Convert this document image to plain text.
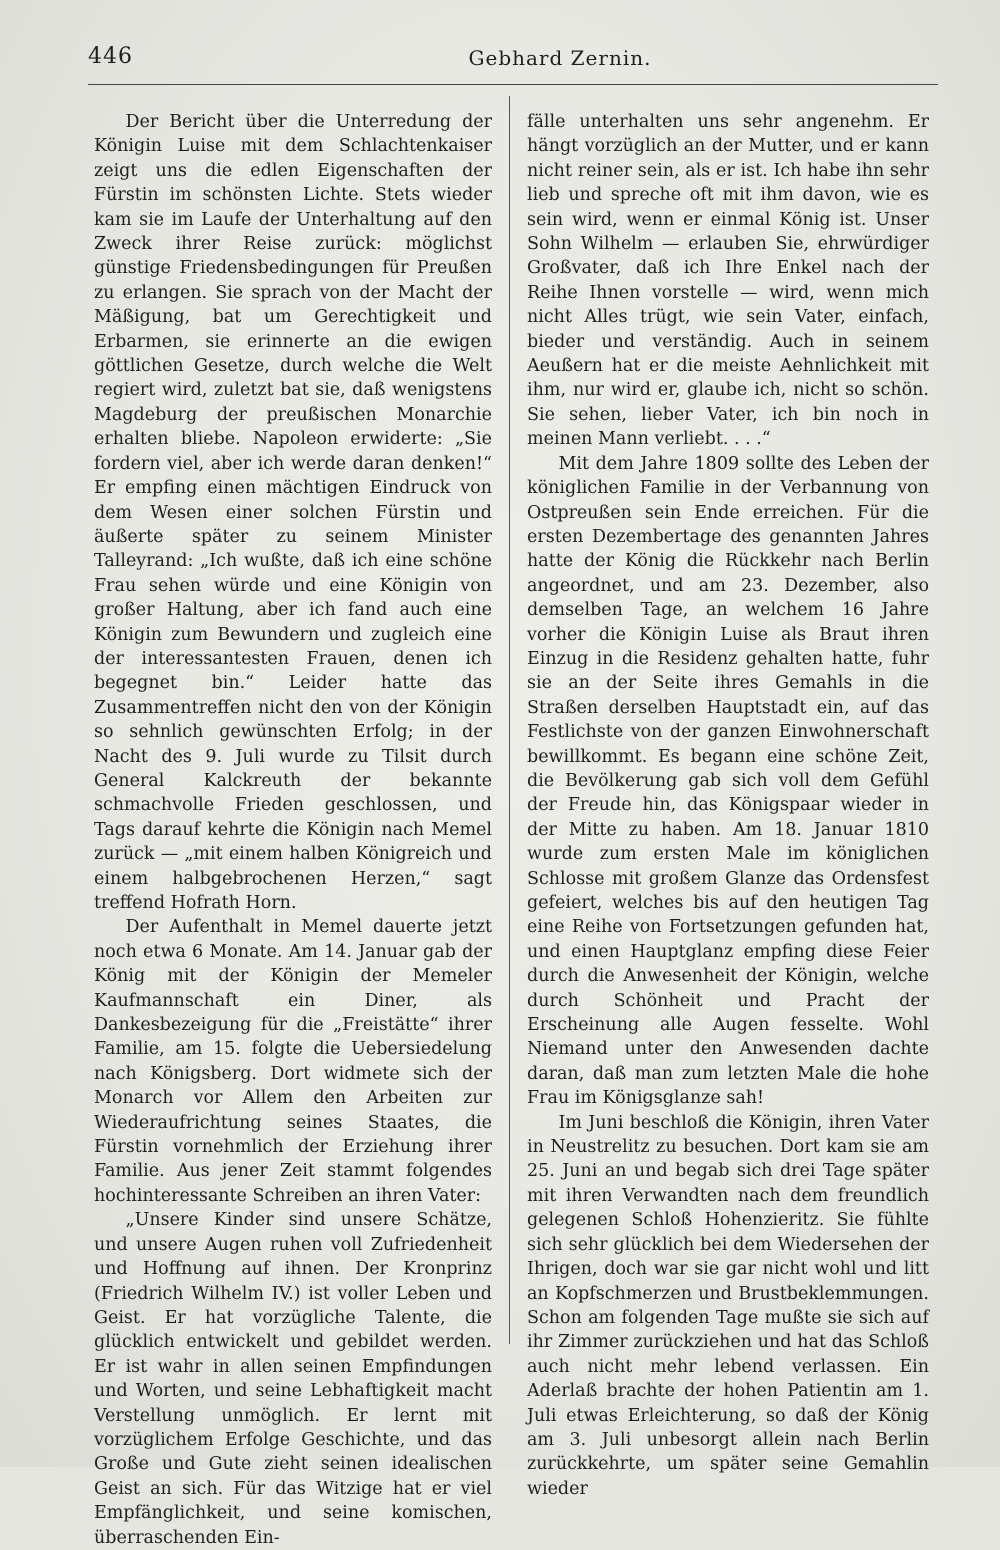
446	Gebhard Zernin.

Der Bericht über die Unterredung der Königin Luise mit dem Schlachtenkaiser zeigt uns die edlen Eigenschaften der Fürstin im schönsten Lichte. Stets wieder kam sie im Laufe der Unterhaltung auf den Zweck ihrer Reise zurück: möglichst günstige Friedensbedingungen für Preußen zu erlangen. Sie sprach von der Macht der Mäßigung, bat um Gerechtigkeit und Erbarmen, sie erinnerte an die ewigen göttlichen Gesetze, durch welche die Welt regiert wird, zuletzt bat sie, daß wenigstens Magdeburg der preußischen Monarchie erhalten bliebe. Napoleon erwiderte: „Sie fordern viel, aber ich werde daran denken!“ Er empfing einen mächtigen Eindruck von dem Wesen einer solchen Fürstin und äußerte später zu seinem Minister Talleyrand: „Ich wußte, daß ich eine schöne Frau sehen würde und eine Königin von großer Haltung, aber ich fand auch eine Königin zum Bewundern und zugleich eine der interessantesten Frauen, denen ich begegnet bin.“ Leider hatte das Zusammentreffen nicht den von der Königin so sehnlich gewünschten Erfolg; in der Nacht des 9. Juli wurde zu Tilsit durch General Kalckreuth der bekannte schmachvolle Frieden geschlossen, und Tags darauf kehrte die Königin nach Memel zurück — „mit einem halben Königreich und einem halbgebrochenen Herzen,“ sagt treffend Hofrath Horn.

Der Aufenthalt in Memel dauerte jetzt noch etwa 6 Monate. Am 14. Januar gab der König mit der Königin der Memeler Kaufmannschaft ein Diner, als Dankesbezeigung für die „Freistätte“ ihrer Familie, am 15. folgte die Uebersiedelung nach Königsberg. Dort widmete sich der Monarch vor Allem den Arbeiten zur Wiederaufrichtung seines Staates, die Fürstin vornehmlich der Erziehung ihrer Familie. Aus jener Zeit stammt folgendes hochinteressante Schreiben an ihren Vater:

„Unsere Kinder sind unsere Schätze, und unsere Augen ruhen voll Zufriedenheit und Hoffnung auf ihnen. Der Kronprinz (Friedrich Wilhelm IV.) ist voller Leben und Geist. Er hat vorzügliche Talente, die glücklich entwickelt und gebildet werden. Er ist wahr in allen seinen Empfindungen und Worten, und seine Lebhaftigkeit macht Verstellung unmöglich. Er lernt mit vorzüglichem Erfolge Geschichte, und das Große und Gute zieht seinen idealischen Geist an sich. Für das Witzige hat er viel Empfänglichkeit, und seine komischen, überraschenden Ein-

fälle unterhalten uns sehr angenehm. Er hängt vorzüglich an der Mutter, und er kann nicht reiner sein, als er ist. Ich habe ihn sehr lieb und spreche oft mit ihm davon, wie es sein wird, wenn er einmal König ist. Unser Sohn Wilhelm — erlauben Sie, ehrwürdiger Großvater, daß ich Ihre Enkel nach der Reihe Ihnen vorstelle — wird, wenn mich nicht Alles trügt, wie sein Vater, einfach, bieder und verständig. Auch in seinem Aeußern hat er die meiste Aehnlichkeit mit ihm, nur wird er, glaube ich, nicht so schön. Sie sehen, lieber Vater, ich bin noch in meinen Mann verliebt. . . .“

Mit dem Jahre 1809 sollte des Leben der königlichen Familie in der Verbannung von Ostpreußen sein Ende erreichen. Für die ersten Dezembertage des genannten Jahres hatte der König die Rückkehr nach Berlin angeordnet, und am 23. Dezember, also demselben Tage, an welchem 16 Jahre vorher die Königin Luise als Braut ihren Einzug in die Residenz gehalten hatte, fuhr sie an der Seite ihres Gemahls in die Straßen derselben Hauptstadt ein, auf das Festlichste von der ganzen Einwohnerschaft bewillkommt. Es begann eine schöne Zeit, die Bevölkerung gab sich voll dem Gefühl der Freude hin, das Königspaar wieder in der Mitte zu haben. Am 18. Januar 1810 wurde zum ersten Male im königlichen Schlosse mit großem Glanze das Ordensfest gefeiert, welches bis auf den heutigen Tag eine Reihe von Fortsetzungen gefunden hat, und einen Hauptglanz empfing diese Feier durch die Anwesenheit der Königin, welche durch Schönheit und Pracht der Erscheinung alle Augen fesselte. Wohl Niemand unter den Anwesenden dachte daran, daß man zum letzten Male die hohe Frau im Königsglanze sah!

Im Juni beschloß die Königin, ihren Vater in Neustrelitz zu besuchen. Dort kam sie am 25. Juni an und begab sich drei Tage später mit ihren Verwandten nach dem freundlich gelegenen Schloß Hohenzieritz. Sie fühlte sich sehr glücklich bei dem Wiedersehen der Ihrigen, doch war sie gar nicht wohl und litt an Kopfschmerzen und Brustbeklemmungen. Schon am folgenden Tage mußte sie sich auf ihr Zimmer zurückziehen und hat das Schloß auch nicht mehr lebend verlassen. Ein Aderlaß brachte der hohen Patientin am 1. Juli etwas Erleichterung, so daß der König am 3. Juli unbesorgt allein nach Berlin zurückkehrte, um später seine Gemahlin wieder
